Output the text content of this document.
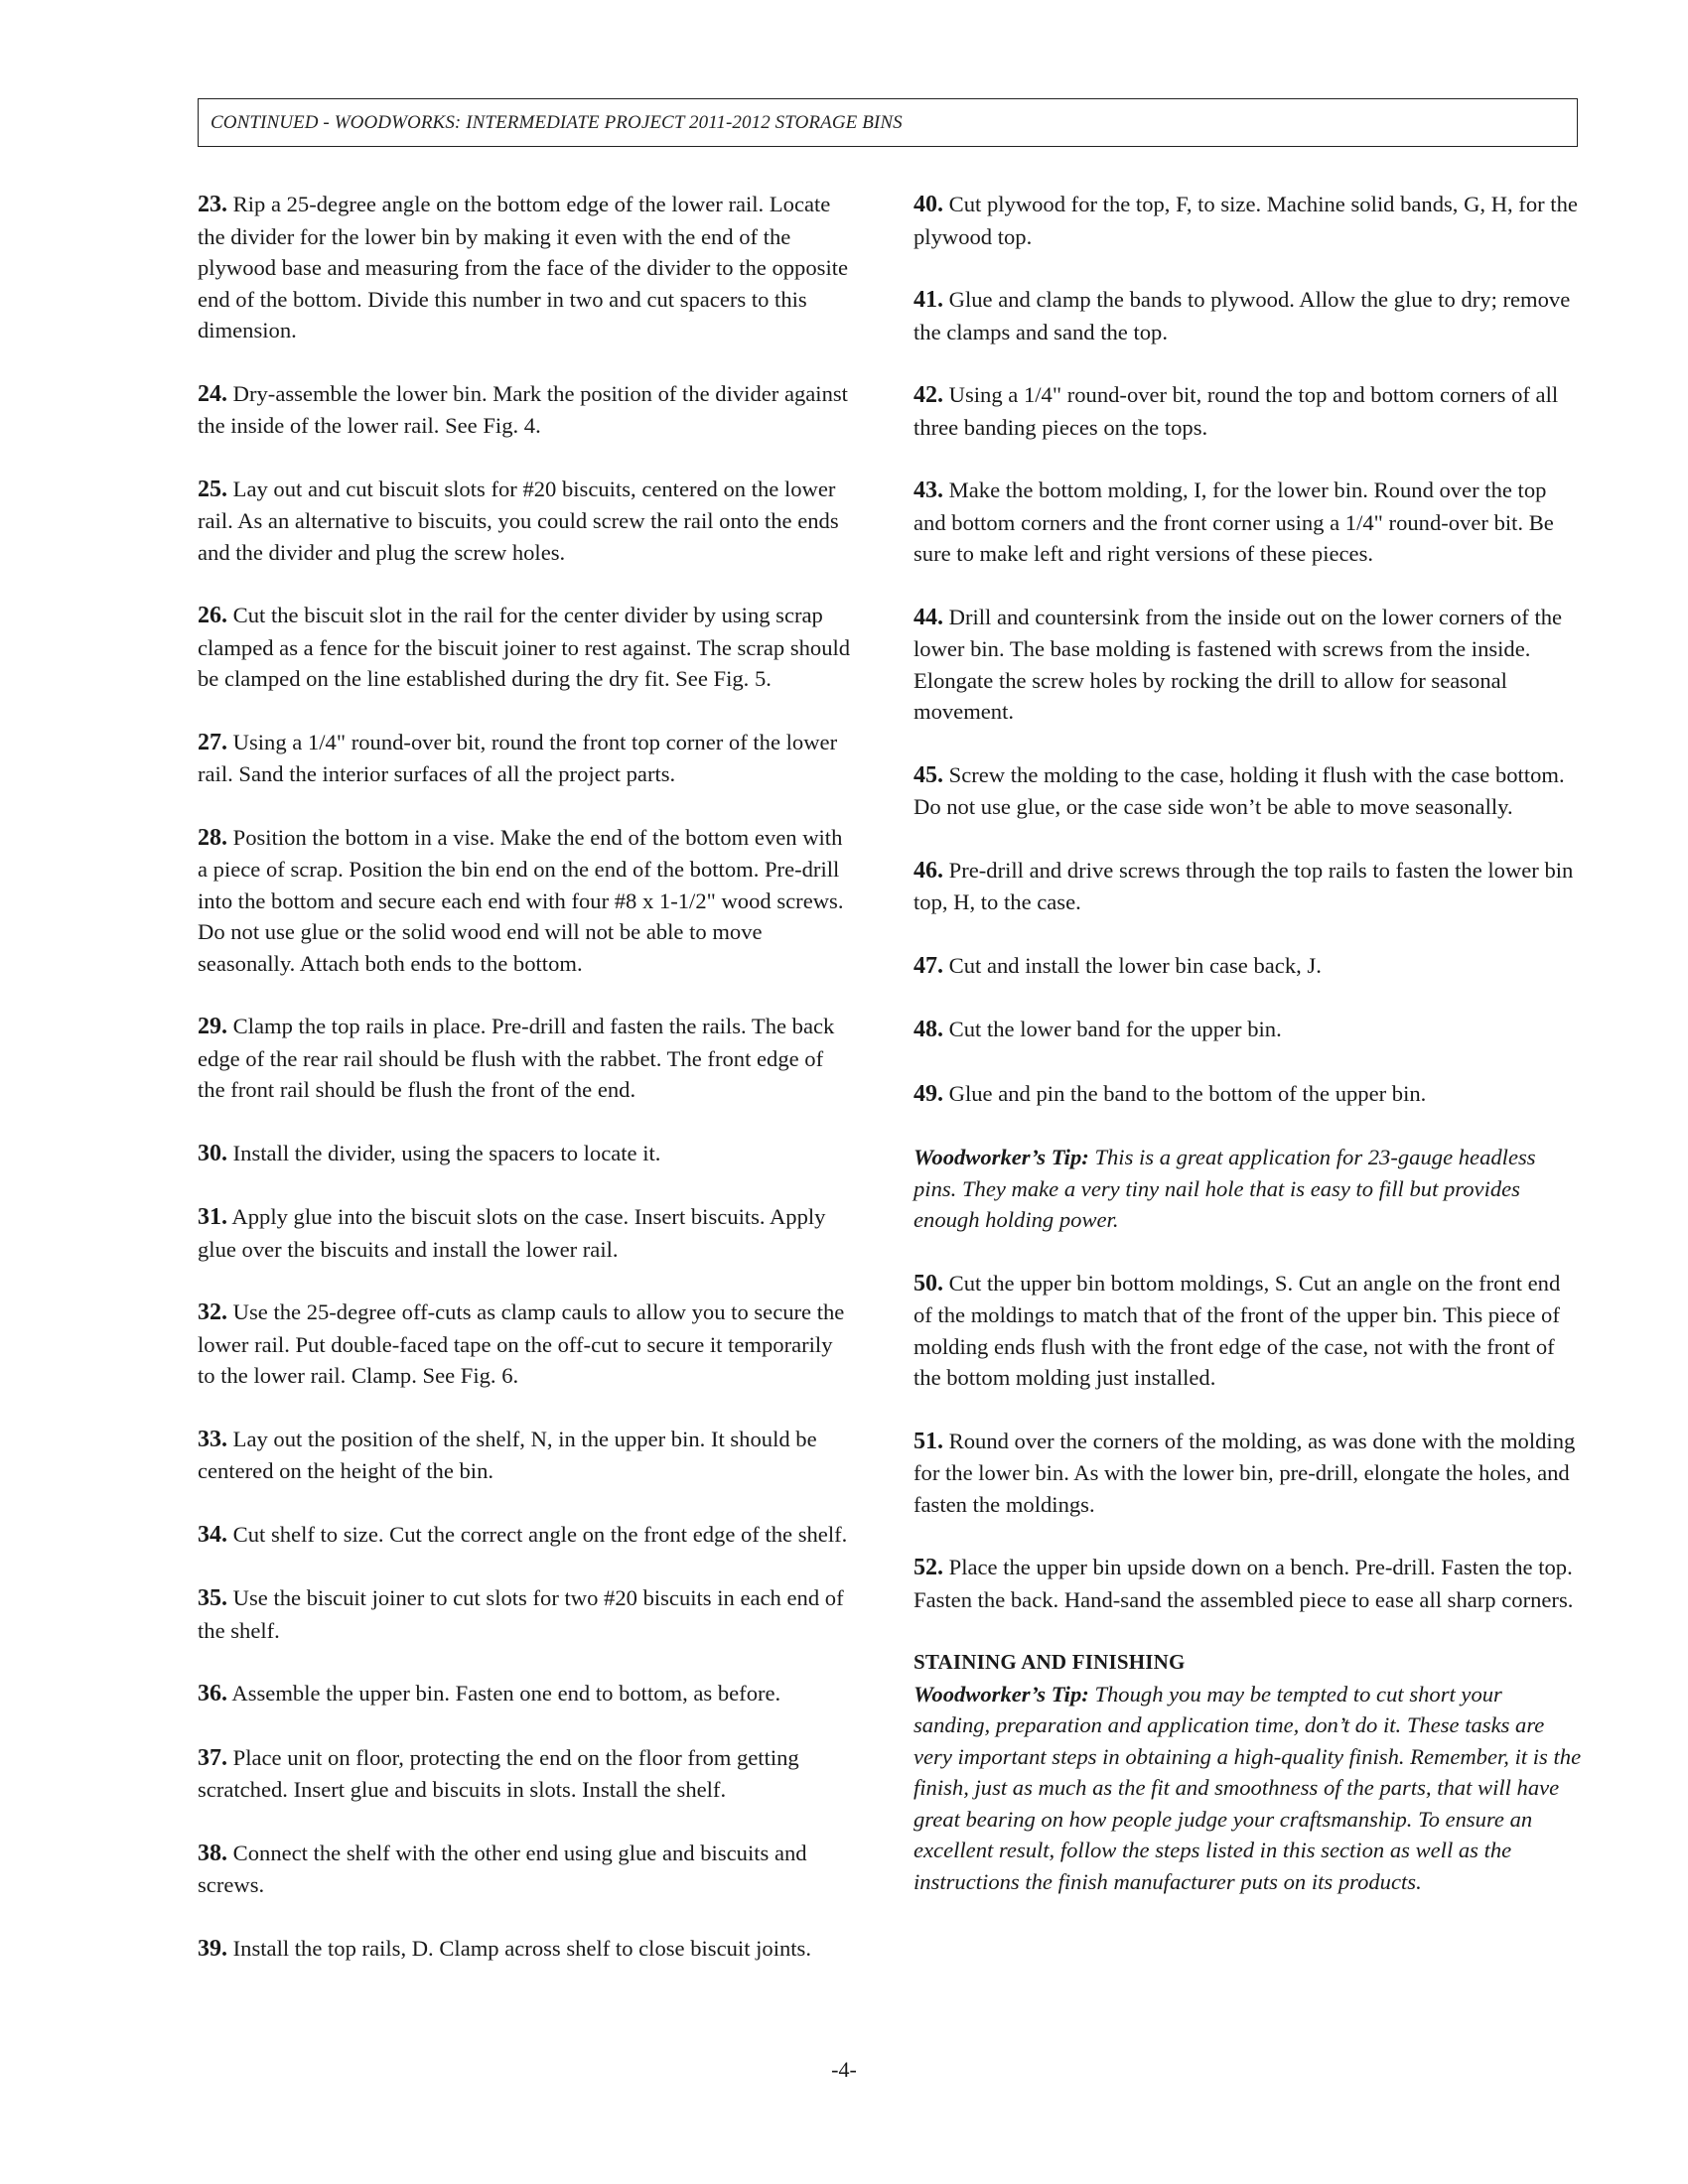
CONTINUED - WOODWORKS: INTERMEDIATE PROJECT 2011-2012 STORAGE BINS

23. Rip a 25-degree angle on the bottom edge of the lower rail. Locate the divider for the lower bin by making it even with the end of the plywood base and measuring from the face of the divider to the opposite end of the bottom. Divide this number in two and cut spacers to this dimension.

24. Dry-assemble the lower bin. Mark the position of the divider against the inside of the lower rail. See Fig. 4.

25. Lay out and cut biscuit slots for #20 biscuits, centered on the lower rail. As an alternative to biscuits, you could screw the rail onto the ends and the divider and plug the screw holes.

26. Cut the biscuit slot in the rail for the center divider by using scrap clamped as a fence for the biscuit joiner to rest against. The scrap should be clamped on the line established during the dry fit. See Fig. 5.

27. Using a 1/4" round-over bit, round the front top corner of the lower rail. Sand the interior surfaces of all the project parts.

28. Position the bottom in a vise. Make the end of the bottom even with a piece of scrap. Position the bin end on the end of the bottom. Pre-drill into the bottom and secure each end with four #8 x 1-1/2" wood screws. Do not use glue or the solid wood end will not be able to move seasonally. Attach both ends to the bottom.

29. Clamp the top rails in place. Pre-drill and fasten the rails. The back edge of the rear rail should be flush with the rabbet. The front edge of the front rail should be flush the front of the end.

30. Install the divider, using the spacers to locate it.

31. Apply glue into the biscuit slots on the case. Insert biscuits. Apply glue over the biscuits and install the lower rail.

32. Use the 25-degree off-cuts as clamp cauls to allow you to secure the lower rail. Put double-faced tape on the off-cut to secure it temporarily to the lower rail. Clamp. See Fig. 6.

33. Lay out the position of the shelf, N, in the upper bin. It should be centered on the height of the bin.

34. Cut shelf to size. Cut the correct angle on the front edge of the shelf.

35. Use the biscuit joiner to cut slots for two #20 biscuits in each end of the shelf.

36. Assemble the upper bin. Fasten one end to bottom, as before.

37. Place unit on floor, protecting the end on the floor from getting scratched. Insert glue and biscuits in slots. Install the shelf.

38. Connect the shelf with the other end using glue and biscuits and screws.

39. Install the top rails, D. Clamp across shelf to close biscuit joints.

40. Cut plywood for the top, F, to size. Machine solid bands, G, H, for the plywood top.

41. Glue and clamp the bands to plywood. Allow the glue to dry; remove the clamps and sand the top.

42. Using a 1/4" round-over bit, round the top and bottom corners of all three banding pieces on the tops.

43. Make the bottom molding, I, for the lower bin. Round over the top and bottom corners and the front corner using a 1/4" round-over bit. Be sure to make left and right versions of these pieces.

44. Drill and countersink from the inside out on the lower corners of the lower bin. The base molding is fastened with screws from the inside. Elongate the screw holes by rocking the drill to allow for seasonal movement.

45. Screw the molding to the case, holding it flush with the case bottom. Do not use glue, or the case side won’t be able to move seasonally.

46. Pre-drill and drive screws through the top rails to fasten the lower bin top, H, to the case.

47. Cut and install the lower bin case back, J.

48. Cut the lower band for the upper bin.

49. Glue and pin the band to the bottom of the upper bin.

Woodworker’s Tip: This is a great application for 23-gauge headless pins. They make a very tiny nail hole that is easy to fill but provides enough holding power.

50. Cut the upper bin bottom moldings, S. Cut an angle on the front end of the moldings to match that of the front of the upper bin. This piece of molding ends flush with the front edge of the case, not with the front of the bottom molding just installed.

51. Round over the corners of the molding, as was done with the molding for the lower bin. As with the lower bin, pre-drill, elongate the holes, and fasten the moldings.

52. Place the upper bin upside down on a bench. Pre-drill. Fasten the top. Fasten the back. Hand-sand the assembled piece to ease all sharp corners.

STAINING AND FINISHING
Woodworker’s Tip: Though you may be tempted to cut short your sanding, preparation and application time, don’t do it. These tasks are very important steps in obtaining a high-quality finish. Remember, it is the finish, just as much as the fit and smoothness of the parts, that will have great bearing on how people judge your craftsmanship. To ensure an excellent result, follow the steps listed in this section as well as the instructions the finish manufacturer puts on its products.

-4-
